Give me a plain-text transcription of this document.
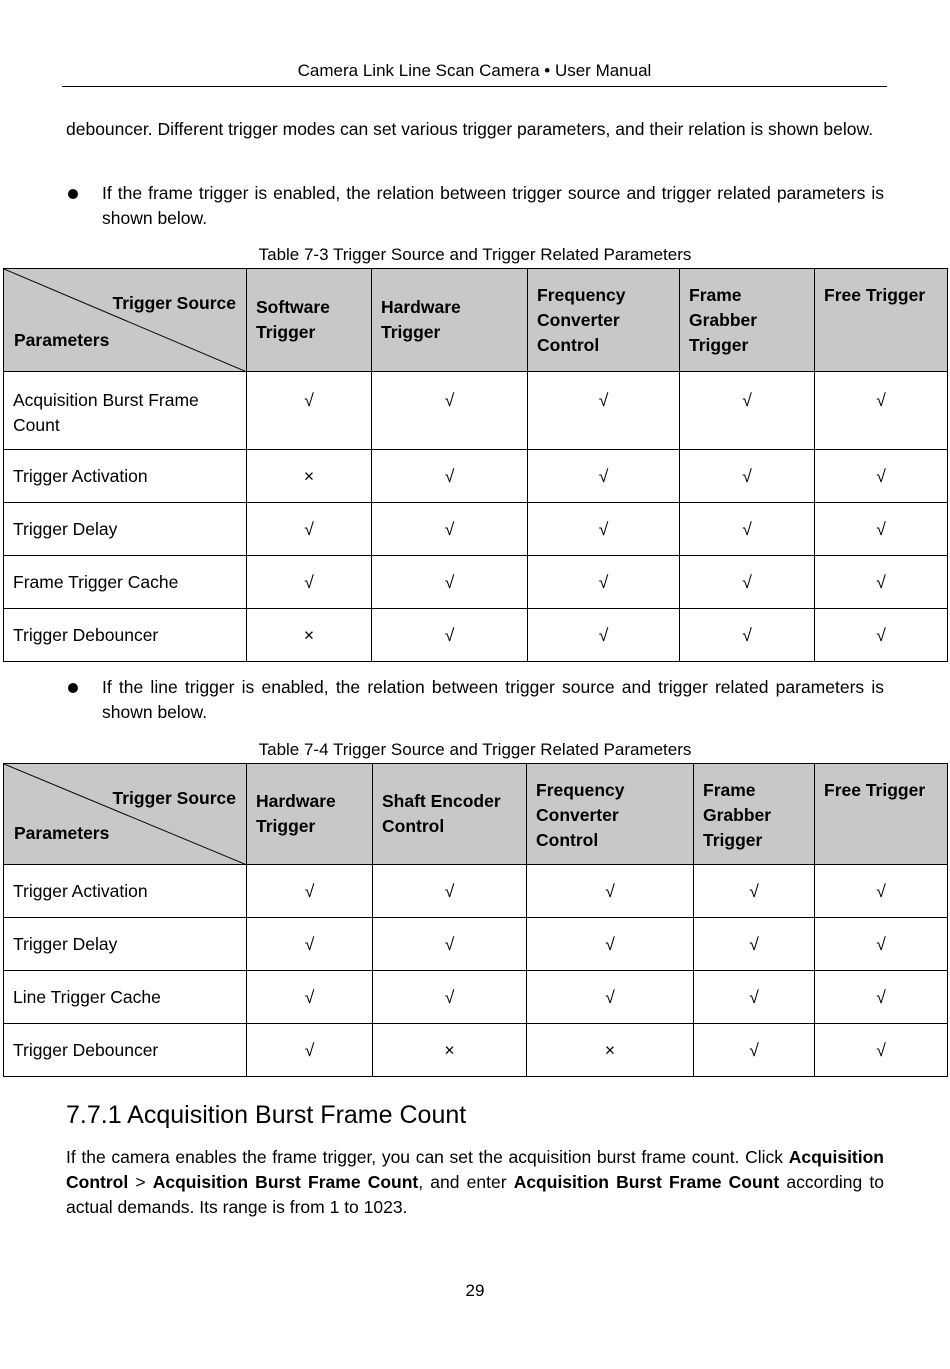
Camera Link Line Scan Camera • User Manual
debouncer. Different trigger modes can set various trigger parameters, and their relation is shown below.
If the frame trigger is enabled, the relation between trigger source and trigger related parameters is shown below.
Table 7-3 Trigger Source and Trigger Related Parameters
Trigger Source
Parameters	Software Trigger	Hardware Trigger	Frequency Converter Control	Frame Grabber Trigger	Free Trigger
Acquisition Burst Frame Count	√	√	√	√	√
Trigger Activation	×	√	√	√	√
Trigger Delay	√	√	√	√	√
Frame Trigger Cache	√	√	√	√	√
Trigger Debouncer	×	√	√	√	√
If the line trigger is enabled, the relation between trigger source and trigger related parameters is shown below.
Table 7-4 Trigger Source and Trigger Related Parameters
Trigger Source
Parameters	Hardware Trigger	Shaft Encoder Control	Frequency Converter Control	Frame Grabber Trigger	Free Trigger
Trigger Activation	√	√	√	√	√
Trigger Delay	√	√	√	√	√
Line Trigger Cache	√	√	√	√	√
Trigger Debouncer	√	×	×	√	√
7.7.1 Acquisition Burst Frame Count
If the camera enables the frame trigger, you can set the acquisition burst frame count. Click Acquisition Control > Acquisition Burst Frame Count, and enter Acquisition Burst Frame Count according to actual demands. Its range is from 1 to 1023.
29
